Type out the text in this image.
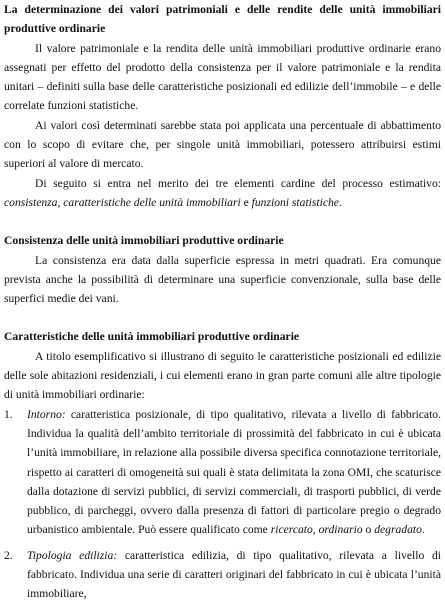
La determinazione dei valori patrimoniali e delle rendite delle unità immobiliari produttive ordinarie

Il valore patrimoniale e la rendita delle unità immobiliari produttive ordinarie erano assegnati per effetto del prodotto della consistenza per il valore patrimoniale e la rendita unitari – definiti sulla base delle caratteristiche posizionali ed edilizie dell’immobile – e delle correlate funzioni statistiche.

Ai valori così determinati sarebbe stata poi applicata una percentuale di abbattimento con lo scopo di evitare che, per singole unità immobiliari, potessero attribuirsi estimi superiori al valore di mercato.

Di seguito si entra nel merito dei tre elementi cardine del processo estimativo: consistenza, caratteristiche delle unità immobiliari e funzioni statistiche.

Consistenza delle unità immobiliari produttive ordinarie

La consistenza era data dalla superficie espressa in metri quadrati. Era comunque prevista anche la possibilità di determinare una superficie convenzionale, sulla base delle superfici medie dei vani.

Caratteristiche delle unità immobiliari produttive ordinarie

A titolo esemplificativo si illustrano di seguito le caratteristiche posizionali ed edilizie delle sole abitazioni residenziali, i cui elementi erano in gran parte comuni alle altre tipologie di unità immobiliari ordinarie:

1. Intorno: caratteristica posizionale, di tipo qualitativo, rilevata a livello di fabbricato. Individua la qualità dell’ambito territoriale di prossimità del fabbricato in cui è ubicata l’unità immobiliare, in relazione alla possibile diversa specifica connotazione territoriale, rispetto ai caratteri di omogeneità sui quali è stata delimitata la zona OMI, che scaturisce dalla dotazione di servizi pubblici, di servizi commerciali, di trasporti pubblici, di verde pubblico, di parcheggi, ovvero dalla presenza di fattori di particolare pregio o degrado urbanistico ambientale. Può essere qualificato come ricercato, ordinario o degradato.
2. Tipologia edilizia: caratteristica edilizia, di tipo qualitativo, rilevata a livello di fabbricato. Individua una serie di caratteri originari del fabbricato in cui è ubicata l’unità immobiliare,
